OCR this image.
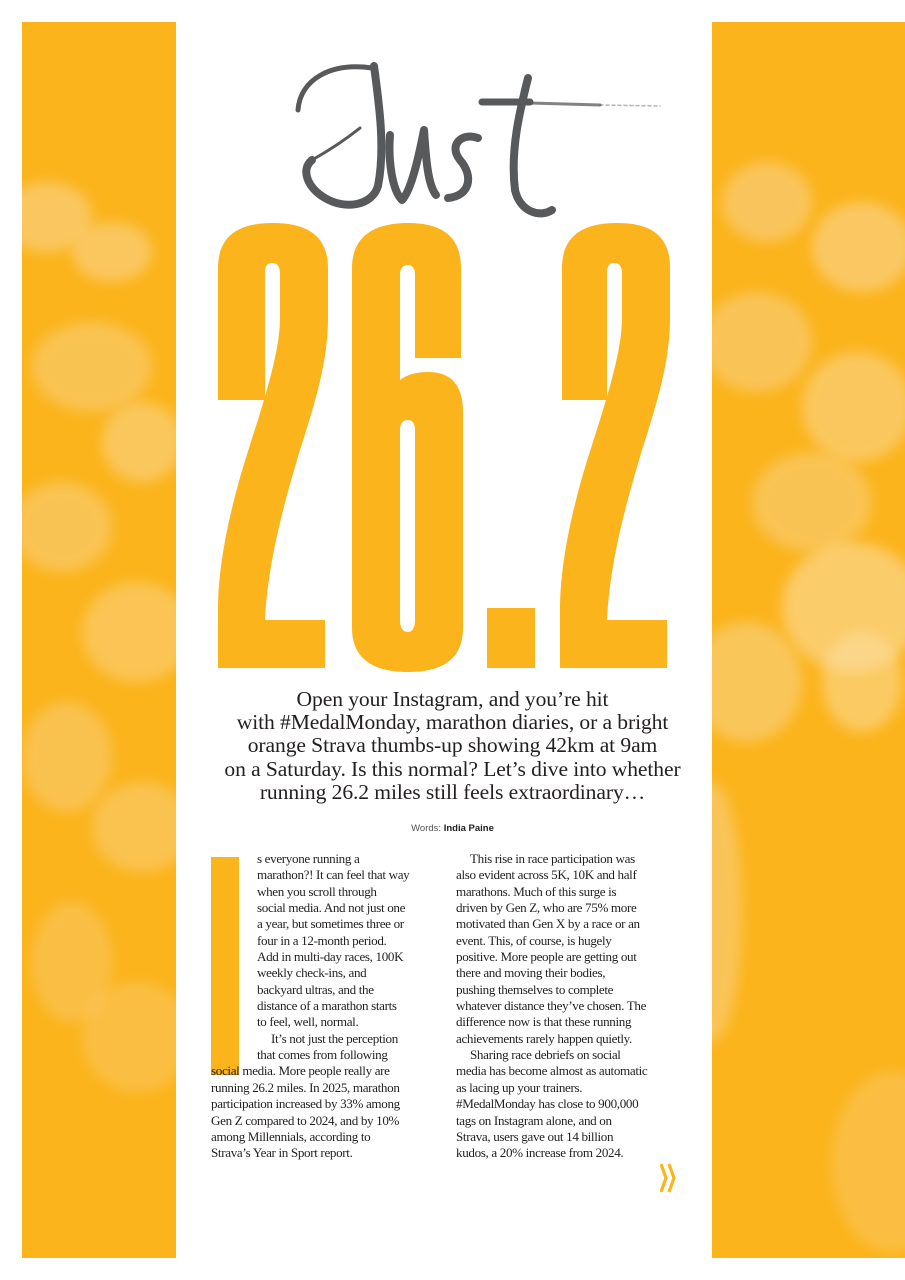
Open your Instagram, and you’re hit
with #MedalMonday, marathon diaries, or a bright
orange Strava thumbs-up showing 42km at 9am
on a Saturday. Is this normal? Let’s dive into whether
running 26.2 miles still feels extraordinary…
Words: India Paine
s everyone running a
marathon?! It can feel that way
when you scroll through
social media. And not just one
a year, but sometimes three or
four in a 12-month period.
Add in multi-day races, 100K
weekly check-ins, and
backyard ultras, and the
distance of a marathon starts
to feel, well, normal.
It’s not just the perception
that comes from following
social media. More people really are
running 26.2 miles. In 2025, marathon
participation increased by 33% among
Gen Z compared to 2024, and by 10%
among Millennials, according to
Strava’s Year in Sport report.
This rise in race participation was
also evident across 5K, 10K and half
marathons. Much of this surge is
driven by Gen Z, who are 75% more
motivated than Gen X by a race or an
event. This, of course, is hugely
positive. More people are getting out
there and moving their bodies,
pushing themselves to complete
whatever distance they’ve chosen. The
difference now is that these running
achievements rarely happen quietly.
Sharing race debriefs on social
media has become almost as automatic
as lacing up your trainers.
#MedalMonday has close to 900,000
tags on Instagram alone, and on
Strava, users gave out 14 billion
kudos, a 20% increase from 2024.
